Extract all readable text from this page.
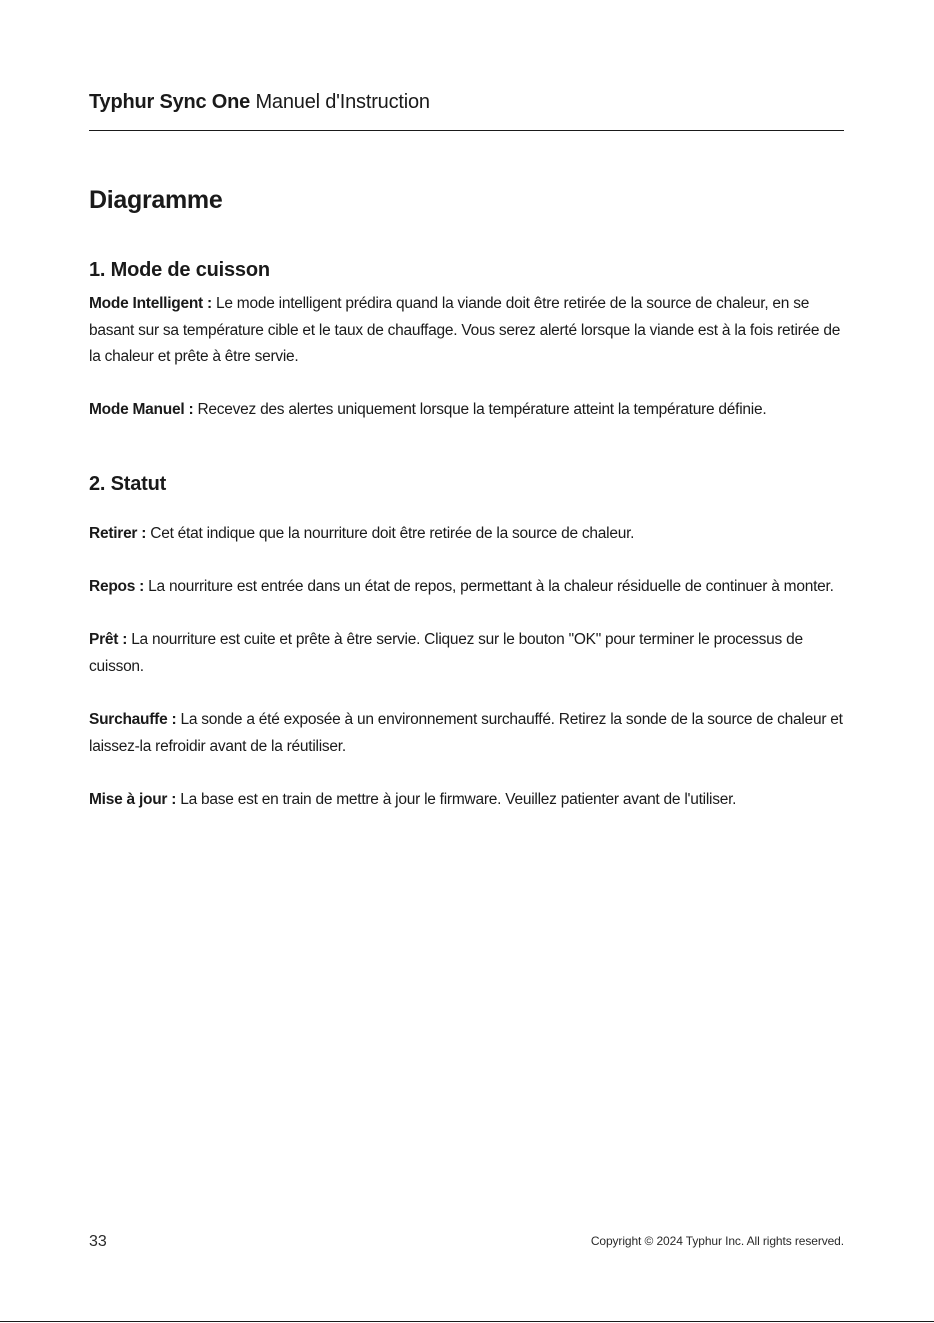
Typhur Sync One Manuel d'Instruction
Diagramme
1. Mode de cuisson

Mode Intelligent : Le mode intelligent prédira quand la viande doit être retirée de la source de chaleur, en se basant sur sa température cible et le taux de chauffage. Vous serez alerté lorsque la viande est à la fois retirée de la chaleur et prête à être servie.

Mode Manuel : Recevez des alertes uniquement lorsque la température atteint la température définie.

2. Statut

Retirer : Cet état indique que la nourriture doit être retirée de la source de chaleur.

Repos : La nourriture est entrée dans un état de repos, permettant à la chaleur résiduelle de continuer à monter.

Prêt : La nourriture est cuite et prête à être servie. Cliquez sur le bouton "OK" pour terminer le processus de cuisson.

Surchauffe : La sonde a été exposée à un environnement surchauffé. Retirez la sonde de la source de chaleur et laissez-la refroidir avant de la réutiliser.

Mise à jour : La base est en train de mettre à jour le firmware. Veuillez patienter avant de l'utiliser.

33	Copyright © 2024 Typhur Inc. All rights reserved.
